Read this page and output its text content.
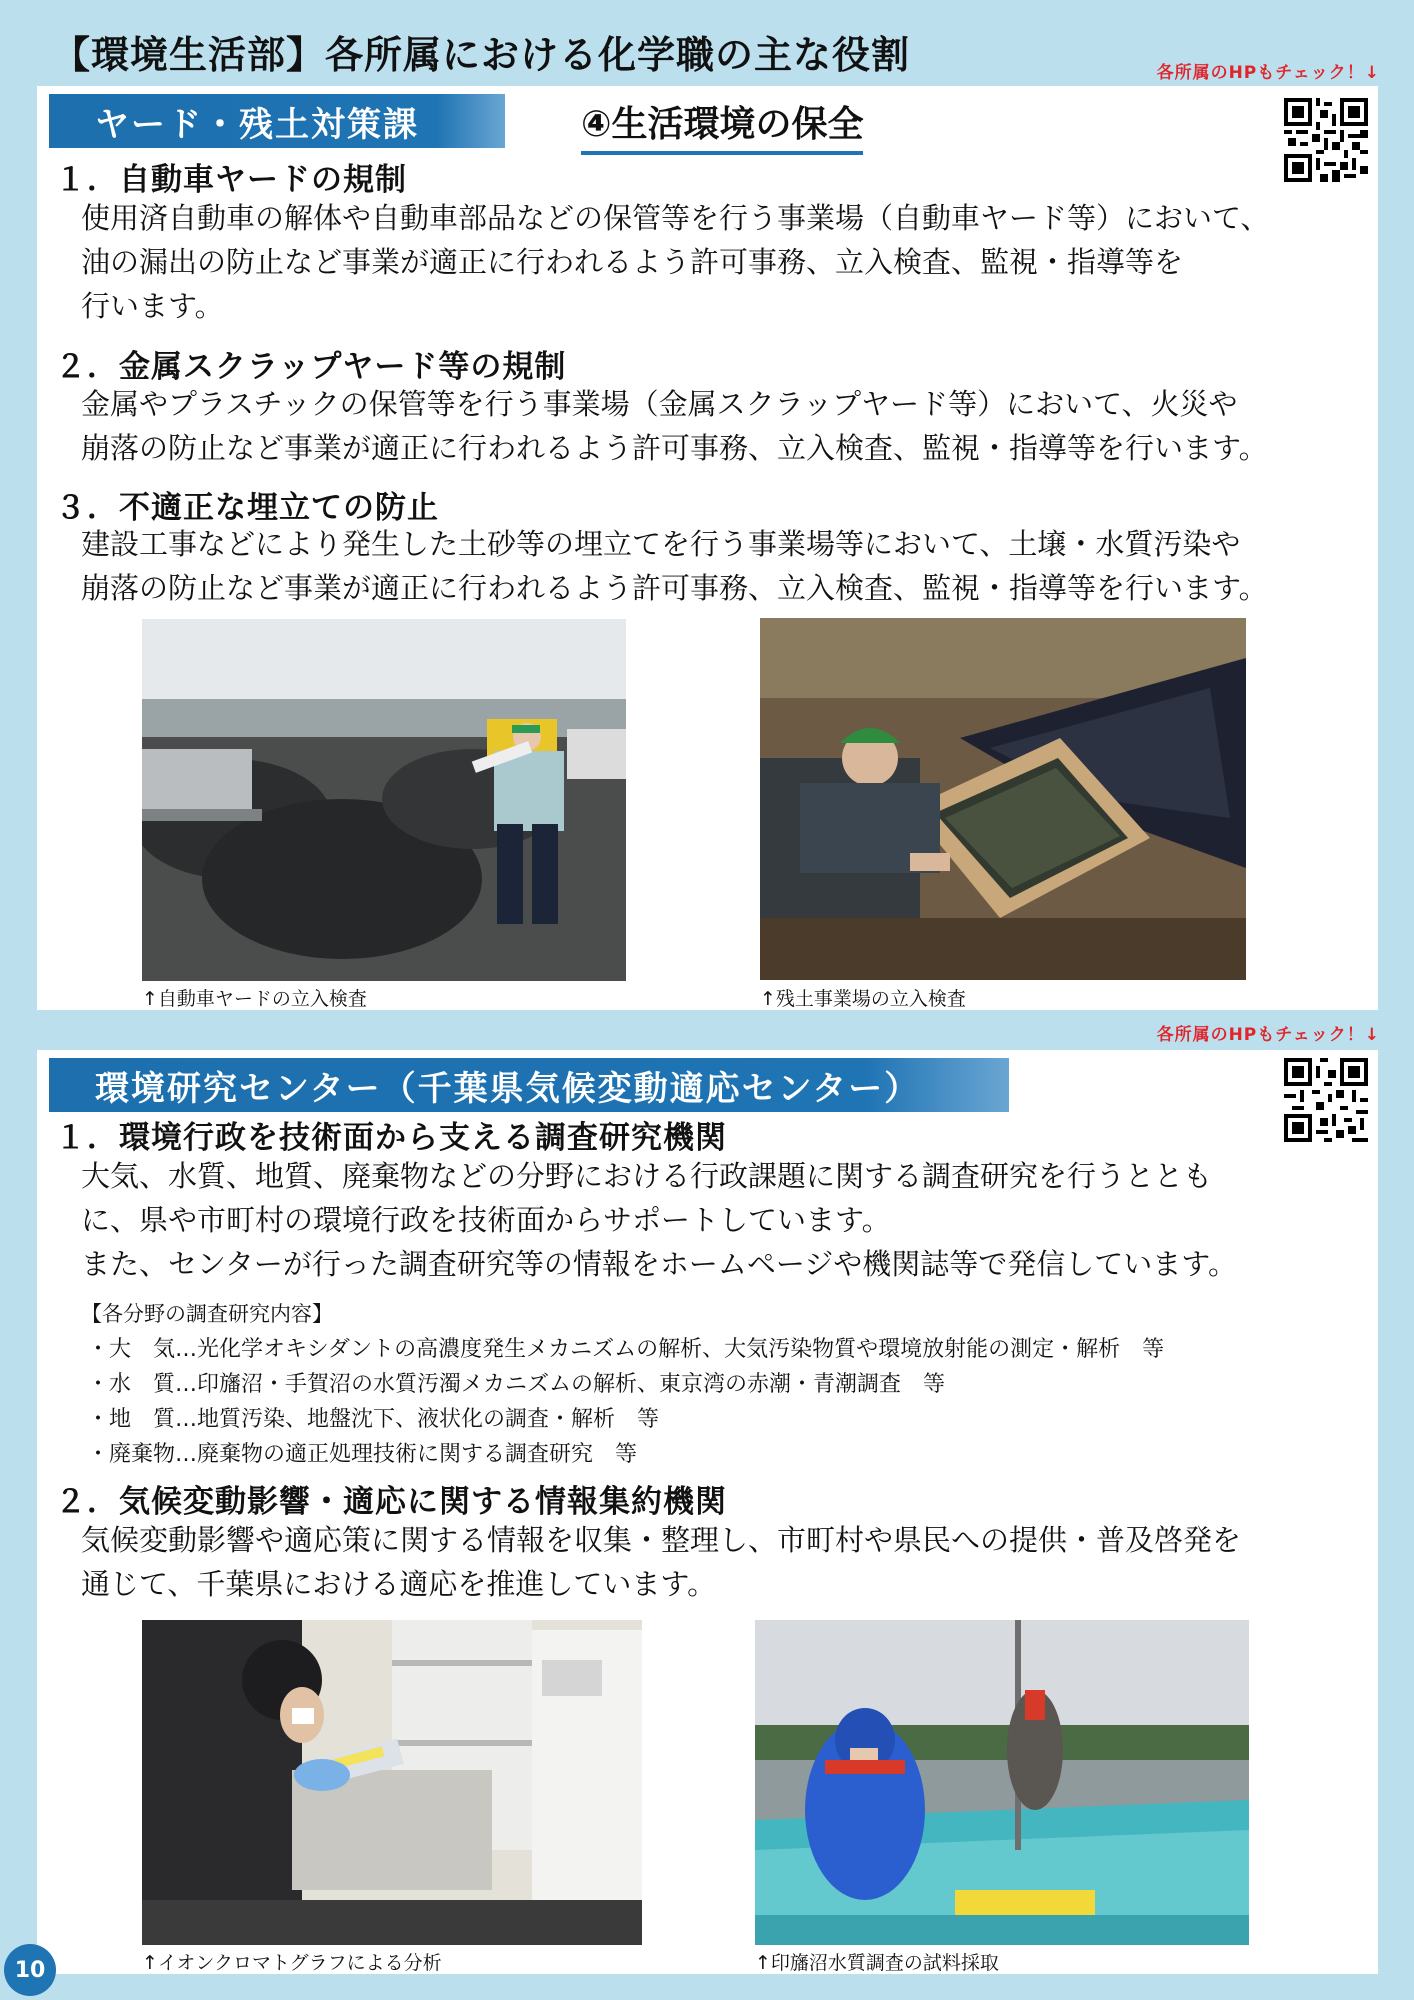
【環境生活部】各所属における化学職の主な役割	各所属のHPもチェック！↓
ヤード・残土対策課	④生活環境の保全
１．自動車ヤードの規制
使用済自動車の解体や自動車部品などの保管等を行う事業場（自動車ヤード等）において、
油の漏出の防止など事業が適正に行われるよう許可事務、立入検査、監視・指導等を
行います。
２．金属スクラップヤード等の規制
金属やプラスチックの保管等を行う事業場（金属スクラップヤード等）において、火災や
崩落の防止など事業が適正に行われるよう許可事務、立入検査、監視・指導等を行います。
３．不適正な埋立ての防止
建設工事などにより発生した土砂等の埋立てを行う事業場等において、土壌・水質汚染や
崩落の防止など事業が適正に行われるよう許可事務、立入検査、監視・指導等を行います。
↑自動車ヤードの立入検査	↑残土事業場の立入検査
各所属のHPもチェック！↓
環境研究センター（千葉県気候変動適応センター）
１．環境行政を技術面から支える調査研究機関
大気、水質、地質、廃棄物などの分野における行政課題に関する調査研究を行うととも
に、県や市町村の環境行政を技術面からサポートしています。
また、センターが行った調査研究等の情報をホームページや機関誌等で発信しています。
【各分野の調査研究内容】
・大　気…光化学オキシダントの高濃度発生メカニズムの解析、大気汚染物質や環境放射能の測定・解析　等
・水　質…印旛沼・手賀沼の水質汚濁メカニズムの解析、東京湾の赤潮・青潮調査　等
・地　質…地質汚染、地盤沈下、液状化の調査・解析　等
・廃棄物…廃棄物の適正処理技術に関する調査研究　等
２．気候変動影響・適応に関する情報集約機関
気候変動影響や適応策に関する情報を収集・整理し、市町村や県民への提供・普及啓発を
通じて、千葉県における適応を推進しています。
↑イオンクロマトグラフによる分析	↑印旛沼水質調査の試料採取
10
